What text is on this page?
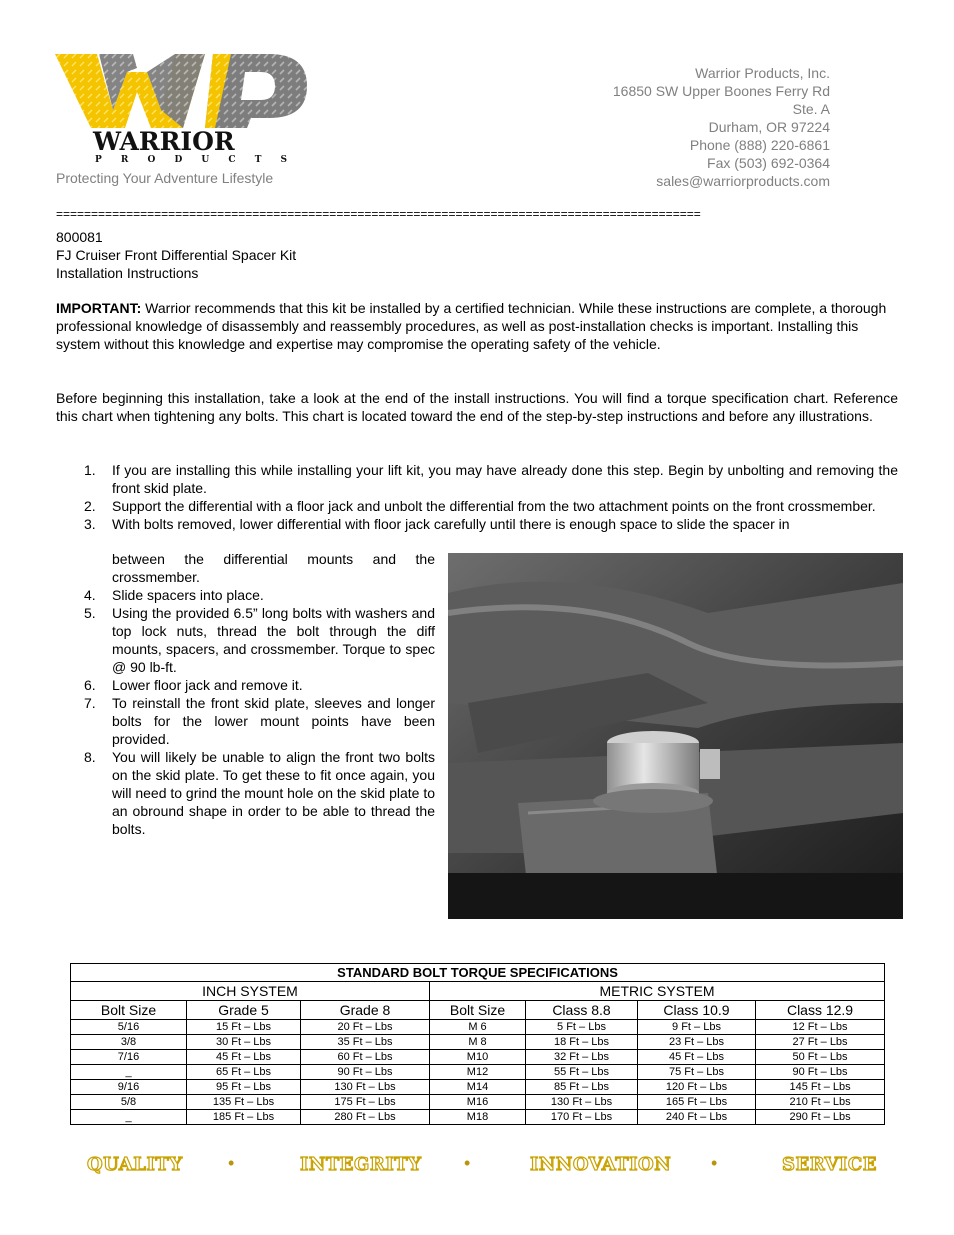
WARRIOR
P R O D U C T S
Protecting Your Adventure Lifestyle
Warrior Products, Inc.
16850 SW Upper Boones Ferry Rd
Ste. A
Durham, OR 97224
Phone (888) 220-6861
Fax (503) 692-0364
sales@warriorproducts.com
============================================================================================
800081
FJ Cruiser Front Differential Spacer Kit
Installation Instructions
IMPORTANT: Warrior recommends that this kit be installed by a certified technician. While these instructions are complete, a thorough professional knowledge of disassembly and reassembly procedures, as well as post-installation checks is important. Installing this system without this knowledge and expertise may compromise the operating safety of the vehicle.
Before beginning this installation, take a look at the end of the install instructions. You will find a torque specification chart. Reference this chart when tightening any bolts. This chart is located toward the end of the step-by-step instructions and before any illustrations.
1. If you are installing this while installing your lift kit, you may have already done this step. Begin by unbolting and removing the front skid plate.
2. Support the differential with a floor jack and unbolt the differential from the two attachment points on the front crossmember.
3. With bolts removed, lower differential with floor jack carefully until there is enough space to slide the spacer in
between the differential mounts and the crossmember.
4. Slide spacers into place.
5. Using the provided 6.5” long bolts with washers and top lock nuts, thread the bolt through the diff mounts, spacers, and crossmember. Torque to spec @ 90 lb-ft.
6. Lower floor jack and remove it.
7. To reinstall the front skid plate, sleeves and longer bolts for the lower mount points have been provided.
8. You will likely be unable to align the front two bolts on the skid plate. To get these to fit once again, you will need to grind the mount hole on the skid plate to an obround shape in order to be able to thread the bolts.
STANDARD BOLT TORQUE SPECIFICATIONS						
INCH SYSTEM			METRIC SYSTEM			
Bolt Size	Grade 5	Grade 8	Bolt Size	Class 8.8	Class 10.9	Class 12.9
5/16	15 Ft – Lbs	20 Ft – Lbs	M 6	5 Ft – Lbs	9 Ft – Lbs	12 Ft – Lbs
3/8	30 Ft – Lbs	35 Ft – Lbs	M 8	18 Ft – Lbs	23 Ft – Lbs	27 Ft – Lbs
7/16	45 Ft – Lbs	60 Ft – Lbs	M10	32 Ft – Lbs	45 Ft – Lbs	50 Ft – Lbs
_	65 Ft – Lbs	90 Ft – Lbs	M12	55 Ft – Lbs	75 Ft – Lbs	90 Ft – Lbs
9/16	95 Ft – Lbs	130 Ft – Lbs	M14	85 Ft – Lbs	120 Ft – Lbs	145 Ft – Lbs
5/8	135 Ft – Lbs	175 Ft – Lbs	M16	130 Ft – Lbs	165 Ft – Lbs	210 Ft – Lbs
_	185 Ft – Lbs	280 Ft – Lbs	M18	170 Ft – Lbs	240 Ft – Lbs	290 Ft – Lbs
QUALITY	•	INTEGRITY •	INNOVATION •	SERVICE
